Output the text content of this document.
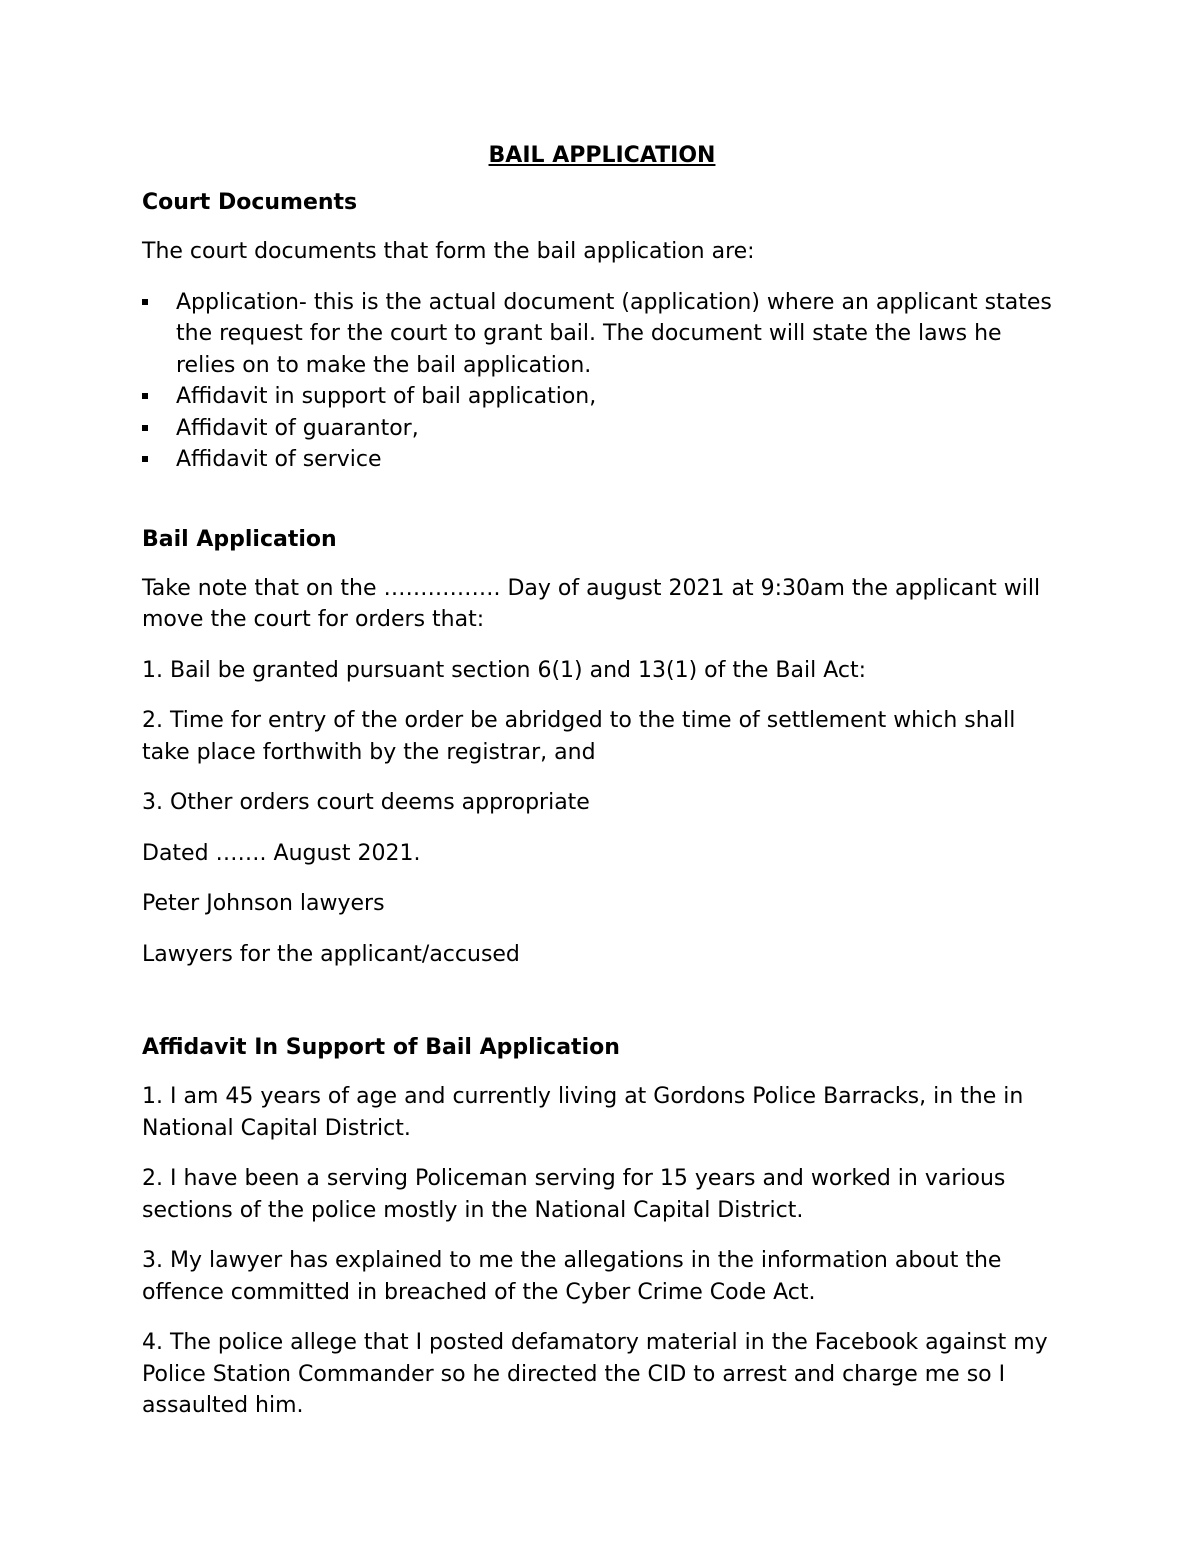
BAIL APPLICATION
Court Documents

The court documents that form the bail application are:

Application- this is the actual document (application) where an applicant states the request for the court to grant bail. The document will state the laws he relies on to make the bail application.
Affidavit in support of bail application,
Affidavit of guarantor,
Affidavit of service
Bail Application

Take note that on the ……………. Day of august 2021 at 9:30am the applicant will move the court for orders that:

1. Bail be granted pursuant section 6(1) and 13(1) of the Bail Act:

2. Time for entry of the order be abridged to the time of settlement which shall take place forthwith by the registrar, and

3. Other orders court deems appropriate

Dated ……. August 2021.

Peter Johnson lawyers

Lawyers for the applicant/accused

Affidavit In Support of Bail Application

1. I am 45 years of age and currently living at Gordons Police Barracks, in the in National Capital District.

2. I have been a serving Policeman serving for 15 years and worked in various sections of the police mostly in the National Capital District.

3. My lawyer has explained to me the allegations in the information about the offence committed in breached of the Cyber Crime Code Act.

4. The police allege that I posted defamatory material in the Facebook against my Police Station Commander so he directed the CID to arrest and charge me so I assaulted him.
